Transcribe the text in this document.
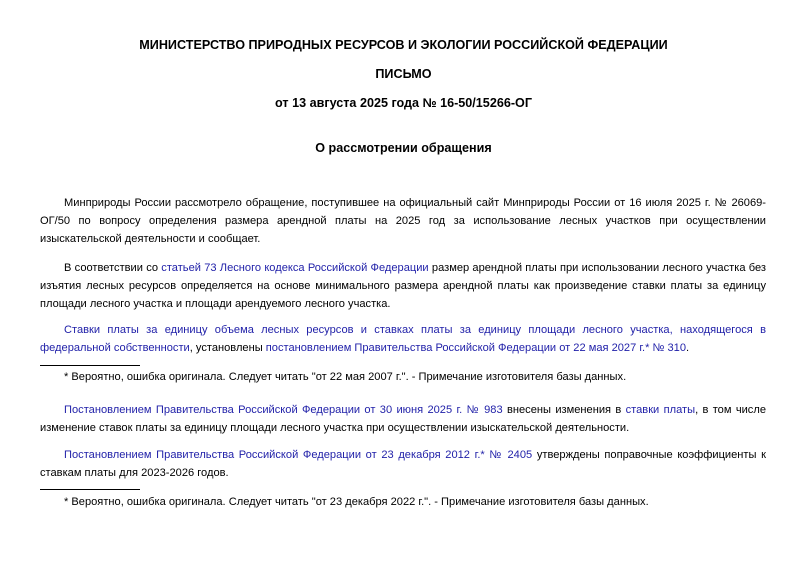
МИНИСТЕРСТВО ПРИРОДНЫХ РЕСУРСОВ И ЭКОЛОГИИ РОССИЙСКОЙ ФЕДЕРАЦИИ
ПИСЬМО
от 13 августа 2025 года № 16-50/15266-ОГ
О рассмотрении обращения

Минприроды России рассмотрело обращение, поступившее на официальный сайт Минприроды России от 16 июля 2025 г. № 26069-ОГ/50 по вопросу определения размера арендной платы на 2025 год за использование лесных участков при осуществлении изыскательской деятельности и сообщает.

В соответствии со статьей 73 Лесного кодекса Российской Федерации размер арендной платы при использовании лесного участка без изъятия лесных ресурсов определяется на основе минимального размера арендной платы как произведение ставки платы за единицу площади лесного участка и площади арендуемого лесного участка.

Ставки платы за единицу объема лесных ресурсов и ставках платы за единицу площади лесного участка, находящегося в федеральной собственности, установлены постановлением Правительства Российской Федерации от 22 мая 2027 г.* № 310.

* Вероятно, ошибка оригинала. Следует читать "от 22 мая 2007 г.". - Примечание изготовителя базы данных.

Постановлением Правительства Российской Федерации от 30 июня 2025 г. № 983 внесены изменения в ставки платы, в том числе изменение ставок платы за единицу площади лесного участка при осуществлении изыскательской деятельности.

Постановлением Правительства Российской Федерации от 23 декабря 2012 г.* № 2405 утверждены поправочные коэффициенты к ставкам платы для 2023-2026 годов.

* Вероятно, ошибка оригинала. Следует читать "от 23 декабря 2022 г.". - Примечание изготовителя базы данных.
